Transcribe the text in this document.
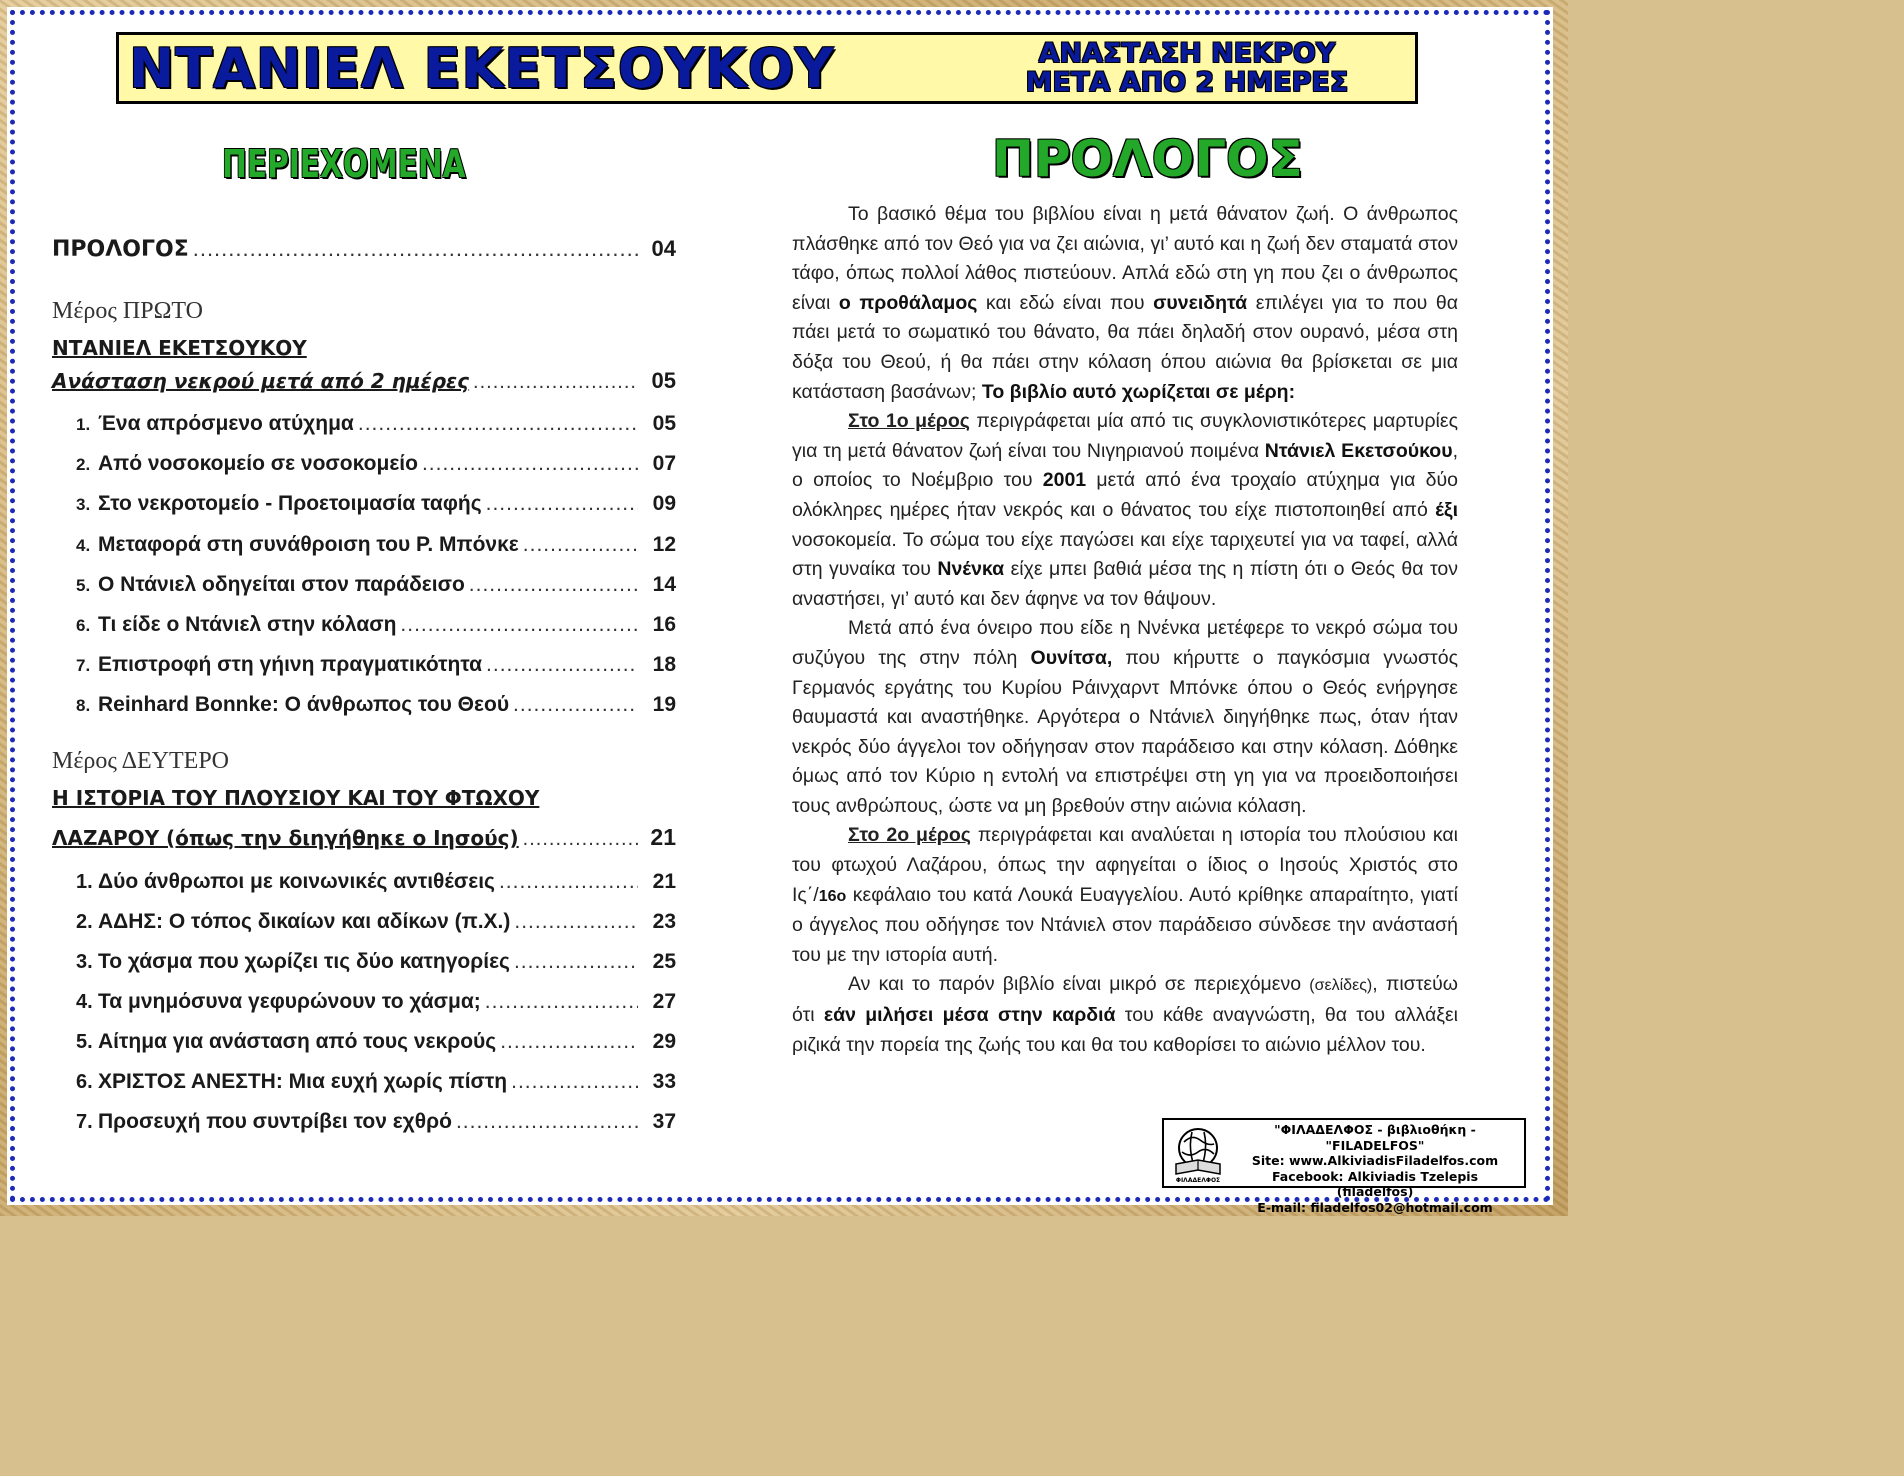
ΝΤΑΝΙΕΛ ΕΚΕΤΣΟΥΚΟΥ	ΑΝΑΣΤΑΣΗ ΝΕΚΡΟΥ
ΜΕΤΑ ΑΠΟ 2 ΗΜΕΡΕΣ
ΠΕΡΙΕΧΟΜΕΝΑ	ΠΡΟΛΟΓΟΣ
ΠΡΟΛΟΓΟΣ .....	04
Μέρος ΠΡΩΤΟ
ΝΤΑΝΙΕΛ ΕΚΕΤΣΟΥΚΟΥ
Ανάσταση νεκρού μετά από 2 ημέρες .....	05
1. Ένα απρόσμενο ατύχημα .....	05
2. Από νοσοκομείο σε νοσοκομείο .....	07
3. Στο νεκροτομείο - Προετοιμασία ταφής .....	09
4. Μεταφορά στη συνάθροιση του Ρ. Μπόνκε .....	12
5. Ο Ντάνιελ οδηγείται στον παράδεισο .....	14
6. Τι είδε ο Ντάνιελ στην κόλαση .....	16
7. Επιστροφή στη γήινη πραγματικότητα .....	18
8. Reinhard Bonnke: Ο άνθρωπος του Θεού .....	19
Μέρος ΔΕΥΤΕΡΟ
Η ΙΣΤΟΡΙΑ ΤΟΥ ΠΛΟΥΣΙΟΥ ΚΑΙ ΤΟΥ ΦΤΩΧΟΥ
ΛΑΖΑΡΟΥ (όπως την διηγήθηκε ο Ιησούς) .....	21
1. Δύο άνθρωποι με κοινωνικές αντιθέσεις .....	21
2. ΑΔΗΣ: Ο τόπος δικαίων και αδίκων (π.Χ.) .....	23
3. Το χάσμα που χωρίζει τις δύο κατηγορίες .....	25
4. Τα μνημόσυνα γεφυρώνουν το χάσμα; .....	27
5. Αίτημα για ανάσταση από τους νεκρούς .....	29
6. ΧΡΙΣΤΟΣ ΑΝΕΣΤΗ: Μια ευχή χωρίς πίστη .....	33
7. Προσευχή που συντρίβει τον εχθρό .....	37

Το βασικό θέμα του βιβλίου είναι η μετά θάνατον ζωή. Ο άνθρωπος πλάσθηκε από τον Θεό για να ζει αιώνια, γι’ αυτό και η ζωή δεν σταματά στον τάφο, όπως πολλοί λάθος πιστεύουν. Απλά εδώ στη γη που ζει ο άνθρωπος είναι ο προθάλαμος και εδώ είναι που συνειδητά επιλέγει για το που θα πάει μετά το σωματικό του θάνατο, θα πάει δηλαδή στον ουρανό, μέσα στη δόξα του Θεού, ή θα πάει στην κόλαση όπου αιώνια θα βρίσκεται σε μια κατάσταση βασάνων; Το βιβλίο αυτό χωρίζεται σε μέρη:

Στο 1ο μέρος περιγράφεται μία από τις συγκλονιστικότερες μαρτυρίες για τη μετά θάνατον ζωή είναι του Νιγηριανού ποιμένα Ντάνιελ Εκετσούκου, ο οποίος το Νοέμβριο του 2001 μετά από ένα τροχαίο ατύχημα για δύο ολόκληρες ημέρες ήταν νεκρός και ο θάνατος του είχε πιστοποιηθεί από έξι νοσοκομεία. Το σώμα του είχε παγώσει και είχε ταριχευτεί για να ταφεί, αλλά στη γυναίκα του Ννένκα είχε μπει βαθιά μέσα της η πίστη ότι ο Θεός θα τον αναστήσει, γι’ αυτό και δεν άφηνε να τον θάψουν.

Μετά από ένα όνειρο που είδε η Ννένκα μετέφερε το νεκρό σώμα του συζύγου της στην πόλη Ουνίτσα, που κήρυττε ο παγκόσμια γνωστός Γερμανός εργάτης του Κυρίου Ράινχαρντ Μπόνκε όπου ο Θεός ενήργησε θαυμαστά και αναστήθηκε. Αργότερα ο Ντάνιελ διηγήθηκε πως, όταν ήταν νεκρός δύο άγγελοι τον οδήγησαν στον παράδεισο και στην κόλαση. Δόθηκε όμως από τον Κύριο η εντολή να επιστρέψει στη γη για να προειδοποιήσει τους ανθρώπους, ώστε να μη βρεθούν στην αιώνια κόλαση.

Στο 2ο μέρος περιγράφεται και αναλύεται η ιστορία του πλούσιου και του φτωχού Λαζάρου, όπως την αφηγείται ο ίδιος ο Ιησούς Χριστός στο Ις΄/16ο κεφάλαιο του κατά Λουκά Ευαγγελίου. Αυτό κρίθηκε απαραίτητο, γιατί ο άγγελος που οδήγησε τον Ντάνιελ στον παράδεισο σύνδεσε την ανάστασή του με την ιστορία αυτή.

Αν και το παρόν βιβλίο είναι μικρό σε περιεχόμενο (σελίδες), πιστεύω ότι εάν μιλήσει μέσα στην καρδιά του κάθε αναγνώστη, θα του αλλάξει ριζικά την πορεία της ζωής του και θα του καθορίσει το αιώνιο μέλλον του.

ΦΙΛΑΔΕΛΦΟΣ
"ΦΙΛΑΔΕΛΦΟΣ - βιβλιοθήκη - "FILADELFOS"
Site: www.AlkiviadisFiladelfos.com
Facebook: Alkiviadis Tzelepis (filadelfos)
E-mail: filadelfos02@hotmail.com
